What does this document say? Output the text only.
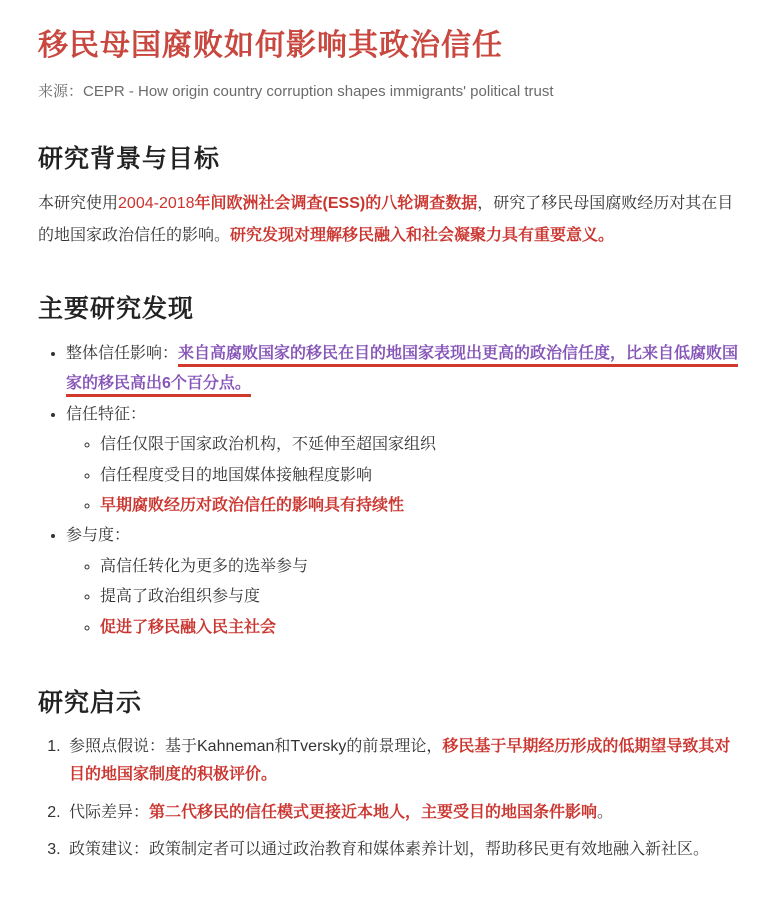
移民母国腐败如何影响其政治信任

来源：CEPR - How origin country corruption shapes immigrants' political trust

研究背景与目标

本研究使用2004-2018年间欧洲社会调查(ESS)的八轮调查数据，研究了移民母国腐败经历对其在目的地国家政治信任的影响。研究发现对理解移民融入和社会凝聚力具有重要意义。

主要研究发现
• 整体信任影响：来自高腐败国家的移民在目的地国家表现出更高的政治信任度，比来自低腐败国家的移民高出6个百分点。
• 信任特征：
◦ 信任仅限于国家政治机构，不延伸至超国家组织
◦ 信任程度受目的地国媒体接触程度影响
◦ 早期腐败经历对政治信任的影响具有持续性
• 参与度：
◦ 高信任转化为更多的选举参与
◦ 提高了政治组织参与度
◦ 促进了移民融入民主社会
研究启示
1. 参照点假说：基于Kahneman和Tversky的前景理论，移民基于早期经历形成的低期望导致其对目的地国家制度的积极评价。
2. 代际差异：第二代移民的信任模式更接近本地人，主要受目的地国条件影响。
3. 政策建议：政策制定者可以通过政治教育和媒体素养计划，帮助移民更有效地融入新社区。
